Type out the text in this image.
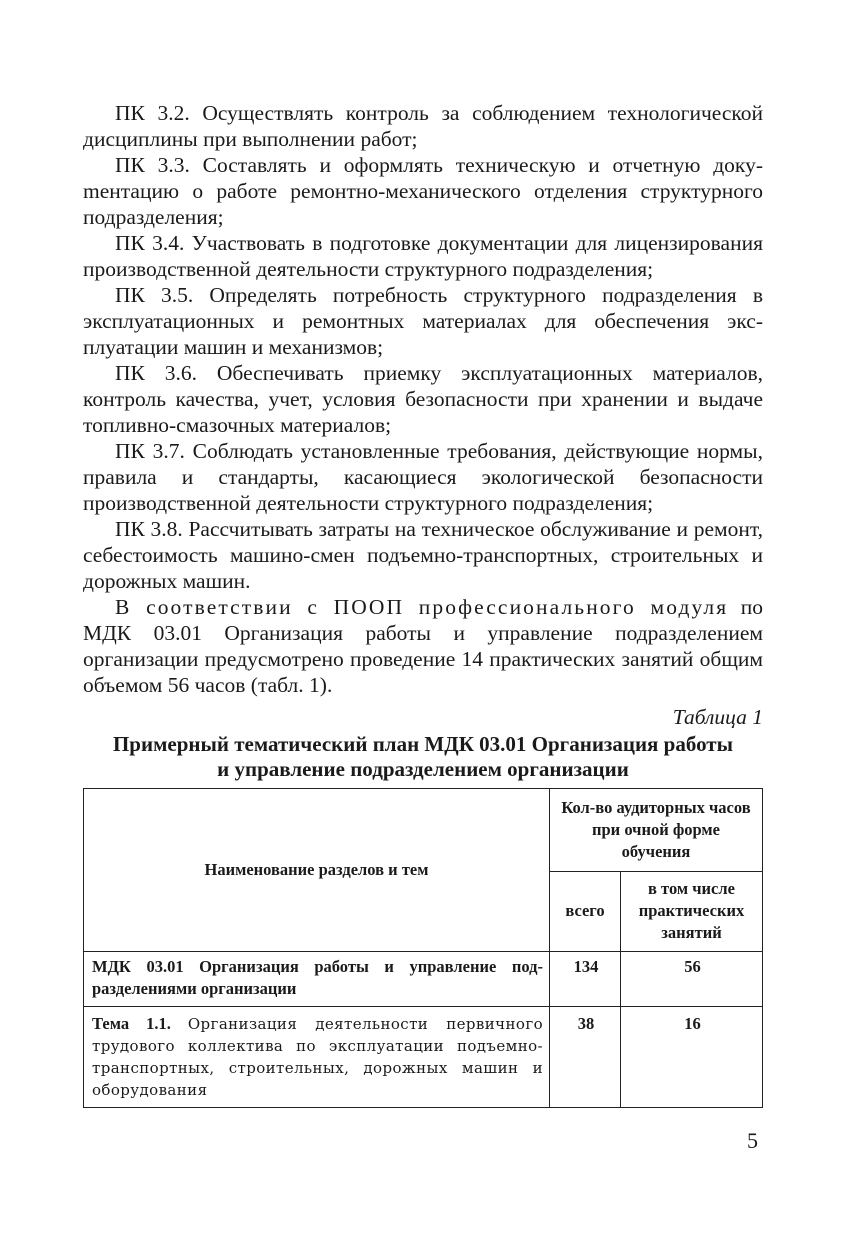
ПК 3.2. Осуществлять контроль за соблюдением технологической дисциплины при выполнении работ;

ПК 3.3. Составлять и оформлять техническую и отчетную докуmентацию о работе ремонтно-механического отделения структурного подразделения;

ПК 3.4. Участвовать в подготовке документации для лицензирования производственной деятельности структурного подразделения;

ПК 3.5. Определять потребность структурного подразделения в эксплуатационных и ремонтных материалах для обеспечения эксплуатации машин и механизмов;

ПК 3.6. Обеспечивать приемку эксплуатационных материалов, контроль качества, учет, условия безопасности при хранении и выдаче топливно-смазочных материалов;

ПК 3.7. Соблюдать установленные требования, действующие нормы, правила и стандарты, касающиеся экологической безопасности производственной деятельности структурного подразделения;

ПК 3.8. Рассчитывать затраты на техническое обслуживание и ремонт, себестоимость машино-смен подъемно-транспортных, строительных и дорожных машин.

В соответствии с ПООП профессионального модуля по МДК 03.01 Организация работы и управление подразделением организации предусмотрено проведение 14 практических занятий общим объемом 56 часов (табл. 1).

Таблица 1

Примерный тематический план МДК 03.01 Организация работы
и управление подразделением организации

Наименование разделов и тем	Кол-во аудиторных часов при очной форме обучения	
	всего	в том числе практических занятий
МДК 03.01 Организация работы и управление подразделениями организации	134	56
Тема 1.1. Организация деятельности первичного трудового коллектива по эксплуатации подъемно-транспортных, строительных, дорожных машин и оборудования	38	16
5
